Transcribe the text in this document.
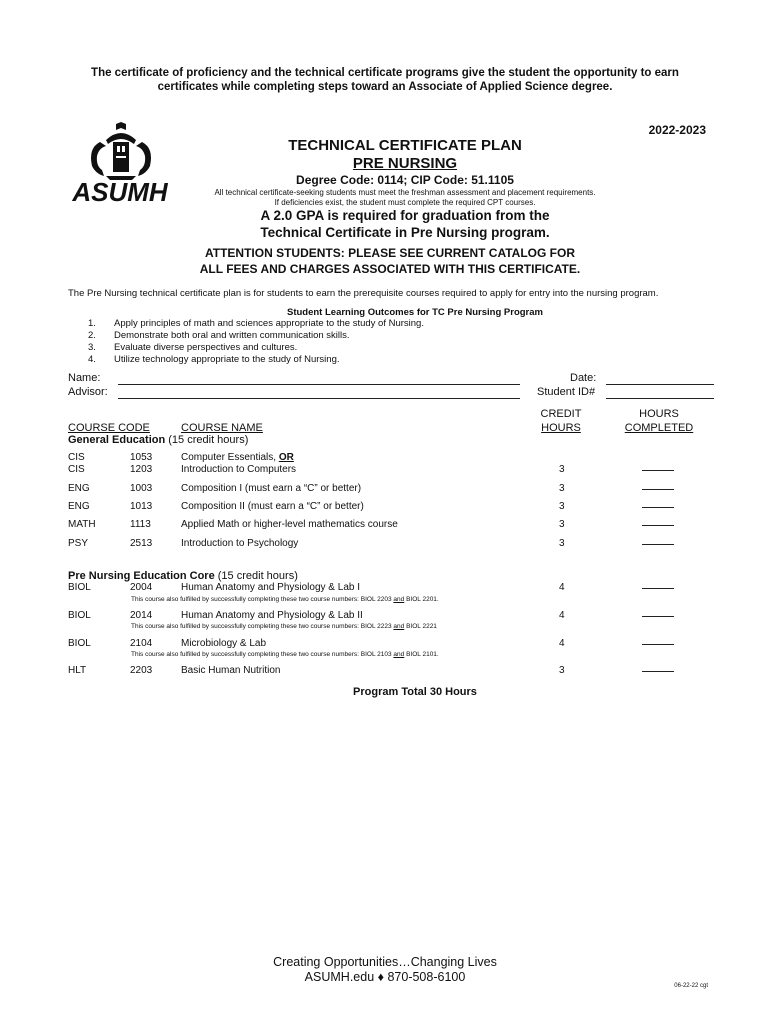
The certificate of proficiency and the technical certificate programs give the student the opportunity to earn certificates while completing steps toward an Associate of Applied Science degree.
ASUMH
2022-2023
TECHNICAL CERTIFICATE PLAN
PRE NURSING
Degree Code: 0114; CIP Code: 51.1105
All technical certificate-seeking students must meet the freshman assessment and placement requirements.
If deficiencies exist, the student must complete the required CPT courses.
A 2.0 GPA is required for graduation from the
Technical Certificate in Pre Nursing program.
ATTENTION STUDENTS: PLEASE SEE CURRENT CATALOG FOR
ALL FEES AND CHARGES ASSOCIATED WITH THIS CERTIFICATE.
The Pre Nursing technical certificate plan is for students to earn the prerequisite courses required to apply for entry into the nursing program.
Student Learning Outcomes for TC Pre Nursing Program
1. Apply principles of math and sciences appropriate to the study of Nursing.
2. Demonstrate both oral and written communication skills.
3. Evaluate diverse perspectives and cultures.
4. Utilize technology appropriate to the study of Nursing.
Name:
Advisor:
Date:
Student ID#
COURSE CODE	COURSE NAME
CREDIT
HOURS
HOURS
COMPLETED
General Education (15 credit hours)
CIS	1053	Computer Essentials, OR
CIS	1203	Introduction to Computers	3
ENG	1003	Composition I (must earn a “C” or better)	3
ENG	1013	Composition II (must earn a “C” or better)	3
MATH	1113	Applied Math or higher-level mathematics course	3
PSY	2513	Introduction to Psychology	3
Pre Nursing Education Core (15 credit hours)
BIOL	2004	Human Anatomy and Physiology & Lab I	4
This course also fulfilled by successfully completing these two course numbers: BIOL 2203 and BIOL 2201.
BIOL	2014	Human Anatomy and Physiology & Lab II	4
This course also fulfilled by successfully completing these two course numbers: BIOL 2223 and BIOL 2221
BIOL	2104	Microbiology & Lab	4
This course also fulfilled by successfully completing these two course numbers: BIOL 2103 and BIOL 2101.
HLT	2203	Basic Human Nutrition	3
Program Total 30 Hours
Creating Opportunities…Changing Lives
ASUMH.edu ♦ 870-508-6100
06-22-22 cgt
